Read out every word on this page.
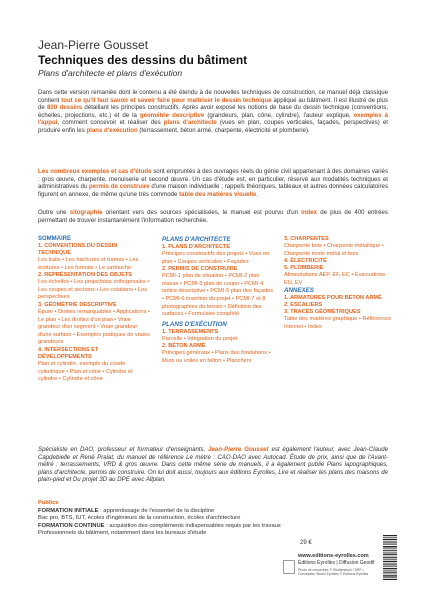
Jean-Pierre Gousset
Techniques des dessins du bâtiment
Plans d'architecte et plans d'exécution
Dans cette version remaniée dont le contenu a été étendu à de nouvelles techniques de construction, ce manuel déjà classique contient tout ce qu'il faut savoir et savoir faire pour maîtriser le dessin technique appliqué au bâtiment. Il est illustré de plus de 800 dessins détaillant les principes constructifs. Après avoir exposé les notions de base du dessin technique (conventions, échelles, projections, etc.) et de la géométrie descriptive (grandeurs, plan, cône, cylindre), l'auteur explique, exemples à l'appui, comment concevoir et réaliser des plans d'architecte (vues en plan, coupes verticales, façades, perspectives) et produire enfin les plans d'exécution (terrassement, béton armé, charpente, électricité et plomberie).
Les nombreux exemples et cas d'étude sont empruntés à des ouvrages réels du génie civil appartenant à des domaines variés : gros œuvre, charpente, menuiserie et second œuvre. Un cas d'étude est, en particulier, réservé aux modalités techniques et administratives du permis de construire d'une maison individuelle ; rappels théoriques, tableaux et autres données calculatoires figurent en annexe, de même qu'une très commode table des matières visuelle.
Outre une sitographie orientant vers des sources spécialisées, le manuel est pourvu d'un index de plus de 400 entrées permettant de trouver instantanément l'information recherchée.
SOMMAIRE
1. CONVENTIONS DU DESSIN TECHNIQUE
Les traits • Les hachures et trames • Les écritures • Les formats • Le cartouche
2. REPRÉSENTATION DES OBJETS
Les échelles • Les projections orthogonales • Les coupes et sections • Les cotations • Les perspectives
3. GÉOMÉTRIE DESCRIPTIVE
Épure • Droites remarquables • Applications • Le plan • Les droites d'un plan • Vraie grandeur d'un segment • Vraie grandeur d'une surface • Exemples pratiques de vraies grandeurs
4. INTERSECTIONS ET DÉVELOPPEMENTS
Plan et cylindre, exemple du coude cylindrique • Plan et cône • Cylindre et cylindre • Cylindre et cône
PLANS D'ARCHITECTE
1. PLANS D'ARCHITECTE
Principes constructifs des projets • Vues en plan • Coupes verticales • Façades
2. PERMIS DE CONSTRUIRE
PCMI-1 plan de situation • PCMI-2 plan masse • PCMI-3 plan de coupe • PCMI-4 notice descriptive • PCMI-5 plan des façades • PCMI-6 insertion du projet • PCMI-7 et 8 photographies du terrain • Définition des surfaces • Formulaire complété
PLANS D'EXÉCUTION
1. TERRASSEMENTS
Parcelle • Intégration du projet
2. BÉTON ARMÉ
Principes généraux • Plans des fondations • Murs ou voiles en béton • Planchers
3. CHARPENTES
Charpente bois • Charpente métallique • Charpente mixte métal et bois
4. ÉLECTRICITÉ
5. PLOMBERIE
Alimentations AEP, EF, EC • Évacuations EU, EV
ANNEXES
1. ARMATURES POUR BÉTON ARMÉ
2. ESCALIERS
3. TRACÉS GÉOMÉTRIQUES
Table des matières graphique • Références Internet • Index
Spécialiste en DAO, professeur et formateur d'enseignants, Jean-Pierre Gousset est également l'auteur, avec Jean-Claude Capdebielle et René Pralat, du manuel de référence Le mètre : CAO-DAO avec Autocad. Étude de prix, ainsi que de l'Avant-mètré : terrassements, VRD & gros œuvre. Dans cette même série de manuels, il a également publié Plans lapographiques, plans d'architecte, permis de construire. On lui doit aussi, toujours aux éditions Eyrolles, Lire et réaliser les plans des maisons de plain-pied et Du projet 3D au DPE avec Allplan.
Publics
FORMATION INITIALE : apprentissage de l'essentiel de la discipline
Bac pro, BTS, IUT, écoles d'ingénieurs de la construction, écoles d'architecture
FORMATION CONTINUE : acquisition des compléments indispensables requis par les travaux
Professionnels du bâtiment, notamment dans les bureaux d'étude
29 €
www.editions-eyrolles.com
Éditions Eyrolles | Diffusion Geodif
Photo de couverture © Shutterstock / DRF • Conception Studio Eyrolles © Éditions Eyrolles
